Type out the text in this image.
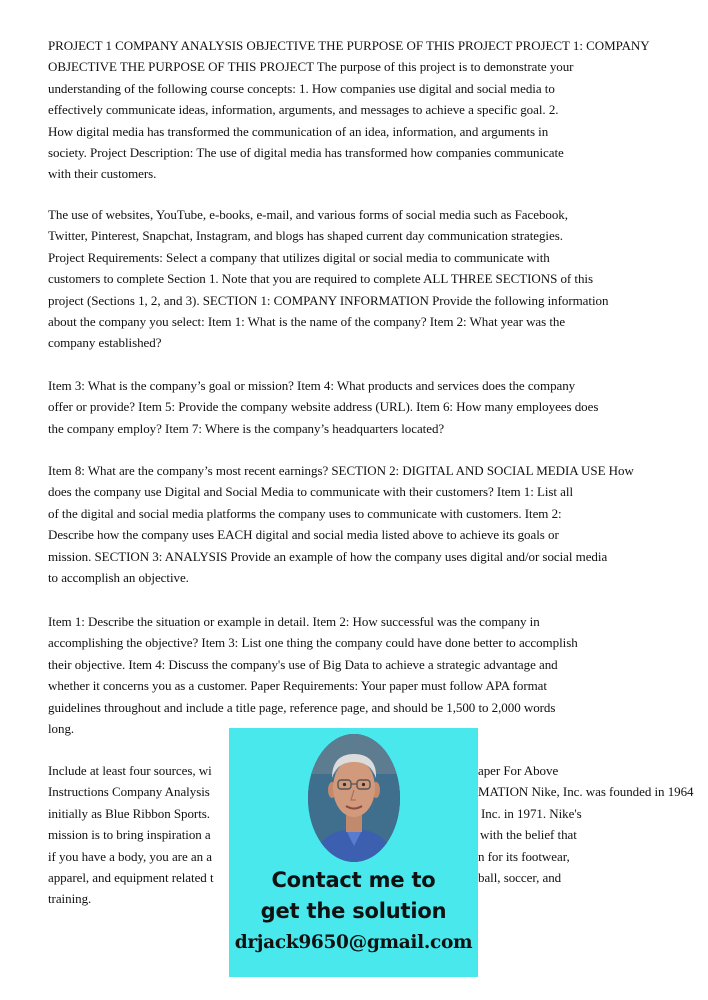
PROJECT 1 COMPANY ANALYSIS OBJECTIVE THE PURPOSE OF THIS PROJECT PROJECT 1: COMPANY
OBJECTIVE THE PURPOSE OF THIS PROJECT The purpose of this project is to demonstrate your
understanding of the following course concepts: 1. How companies use digital and social media to
effectively communicate ideas, information, arguments, and messages to achieve a specific goal. 2.
How digital media has transformed the communication of an idea, information, and arguments in
society. Project Description: The use of digital media has transformed how companies communicate
with their customers.

The use of websites, YouTube, e-books, e-mail, and various forms of social media such as Facebook,
Twitter, Pinterest, Snapchat, Instagram, and blogs has shaped current day communication strategies.
Project Requirements: Select a company that utilizes digital or social media to communicate with
customers to complete Section 1. Note that you are required to complete ALL THREE SECTIONS of this
project (Sections 1, 2, and 3). SECTION 1: COMPANY INFORMATION Provide the following information
about the company you select: Item 1: What is the name of the company? Item 2: What year was the
company established?

Item 3: What is the company’s goal or mission? Item 4: What products and services does the company
offer or provide? Item 5: Provide the company website address (URL). Item 6: How many employees does
the company employ? Item 7: Where is the company’s headquarters located?

Item 8: What are the company’s most recent earnings? SECTION 2: DIGITAL AND SOCIAL MEDIA USE How
does the company use Digital and Social Media to communicate with their customers? Item 1: List all
of the digital and social media platforms the company uses to communicate with customers. Item 2:
Describe how the company uses EACH digital and social media listed above to achieve its goals or
mission. SECTION 3: ANALYSIS Provide an example of how the company uses digital and/or social media
to accomplish an objective.

Item 1: Describe the situation or example in detail. Item 2: How successful was the company in
accomplishing the objective? Item 3: List one thing the company could have done better to accomplish
their objective. Item 4: Discuss the company's use of Big Data to achieve a strategic advantage and
whether it concerns you as a customer. Paper Requirements: Your paper must follow APA format
guidelines throughout and include a title page, reference page, and should be 1,500 to 2,000 words
long.

Include at least four sources, wi
Instructions Company Analysis
initially as Blue Ribbon Sports.
mission is to bring inspiration a
if you have a body, you are an a
apparel, and equipment related t
training.

aper For Above
MATION Nike, Inc. was founded in 1964
Inc. in 1971. Nike's
with the belief that
n for its footwear,
ball, soccer, and

Contact me to
get the solution
drjack9650@gmail.com
